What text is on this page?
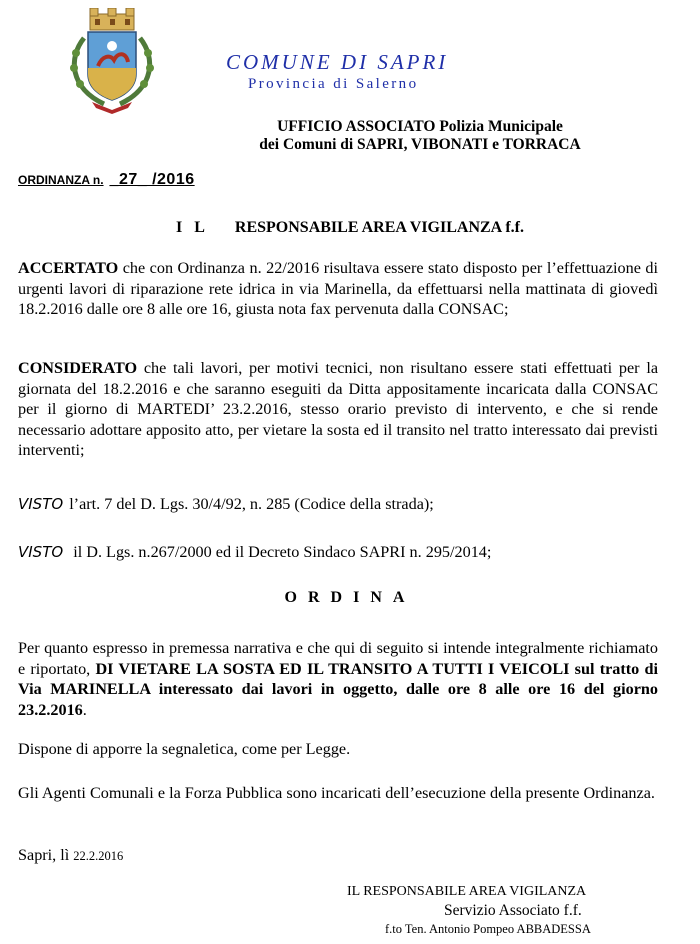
COMUNE DI SAPRI
Provincia di Salerno
UFFICIO ASSOCIATO Polizia Municipale
dei Comuni di SAPRI, VIBONATI e TORRACA
ORDINANZA n. _27_ /2016
I L RESPONSABILE AREA VIGILANZA f.f.
ACCERTATO che con Ordinanza n. 22/2016 risultava essere stato disposto per l’effettuazione di urgenti lavori di riparazione rete idrica in via Marinella, da effettuarsi nella mattinata di giovedì 18.2.2016 dalle ore 8 alle ore 16, giusta nota fax pervenuta dalla CONSAC;
CONSIDERATO che tali lavori, per motivi tecnici, non risultano essere stati effettuati per la giornata del 18.2.2016 e che saranno eseguiti da Ditta appositamente incaricata dalla CONSAC per il giorno di MARTEDI’ 23.2.2016, stesso orario previsto di intervento, e che si rende necessario adottare apposito atto, per vietare la sosta ed il transito nel tratto interessato dai previsti interventi;
VISTO l’art. 7 del D. Lgs. 30/4/92, n. 285 (Codice della strada);
VISTO il D. Lgs. n.267/2000 ed il Decreto Sindaco SAPRI n. 295/2014;
ORDINA
Per quanto espresso in premessa narrativa e che qui di seguito si intende integralmente richiamato e riportato, DI VIETARE LA SOSTA ED IL TRANSITO A TUTTI I VEICOLI sul tratto di Via MARINELLA interessato dai lavori in oggetto, dalle ore 8 alle ore 16 del giorno 23.2.2016.
Dispone di apporre la segnaletica, come per Legge.
Gli Agenti Comunali e la Forza Pubblica sono incaricati dell’esecuzione della presente Ordinanza.
Sapri, lì 22.2.2016
IL RESPONSABILE AREA VIGILANZA
Servizio Associato f.f.
f.to Ten. Antonio Pompeo ABBADESSA
